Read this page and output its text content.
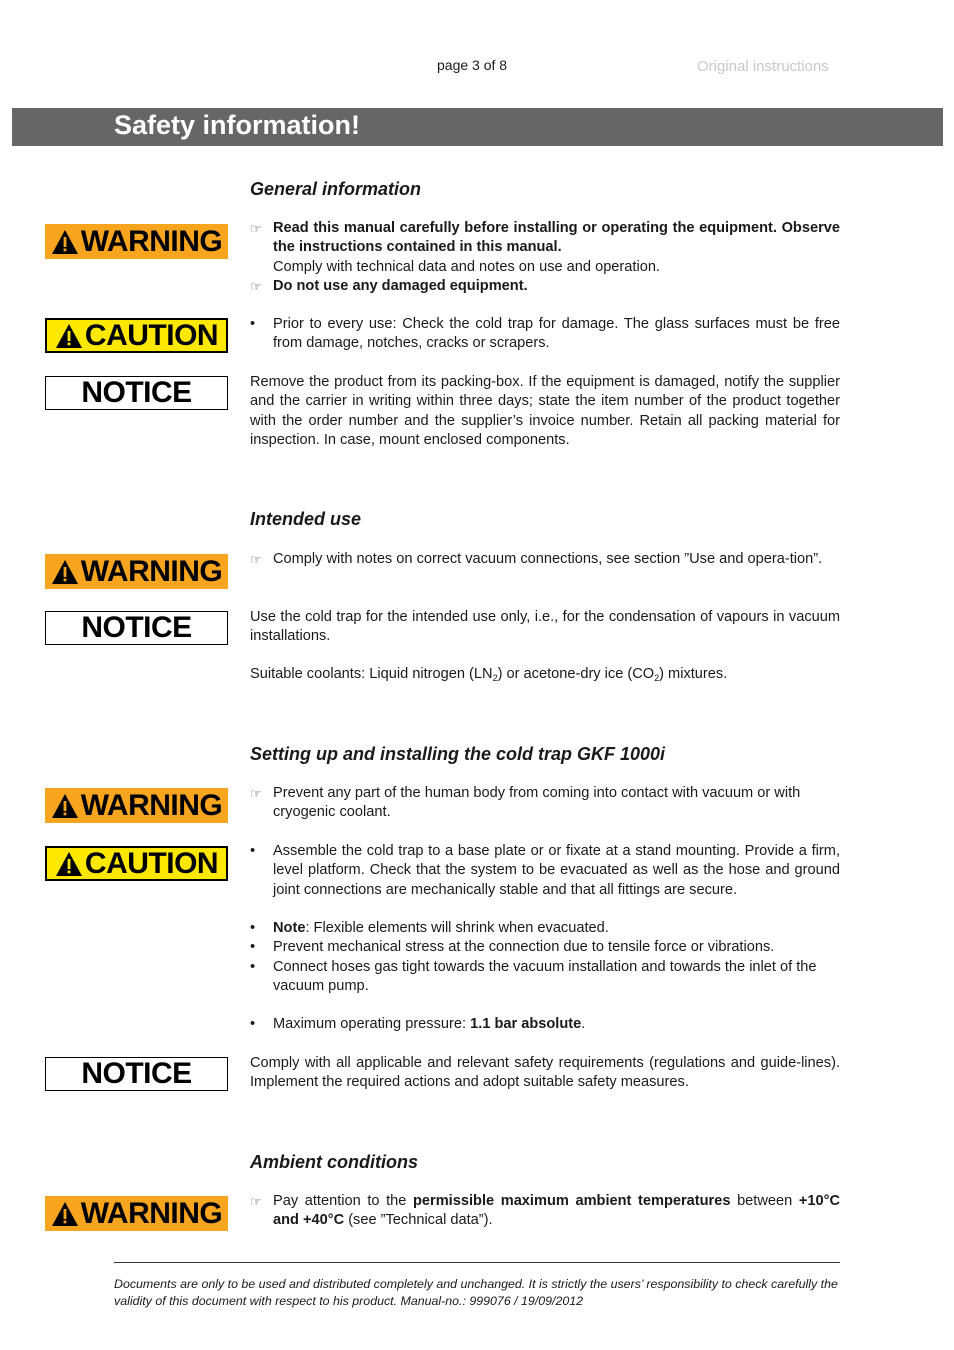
page 3 of 8	Original instructions
Safety information!
General information
WARNING ☞ Read this manual carefully before installing or operating the equipment. Observe the instructions contained in this manual.
Comply with technical data and notes on use and operation.
☞ Do not use any damaged equipment.
CAUTION • Prior to every use: Check the cold trap for damage. The glass surfaces must be free from damage, notches, cracks or scrapers.
NOTICE	Remove the product from its packing-box. If the equipment is damaged, notify the supplier and the carrier in writing within three days; state the item number of the product together with the order number and the supplier’s invoice number. Retain all packing material for inspection. In case, mount enclosed components.
Intended use
WARNING ☞ Comply with notes on correct vacuum connections, see section ”Use and opera-tion”.
NOTICE	Use the cold trap for the intended use only, i.e., for the condensation of vapours in vacuum installations.
Suitable coolants: Liquid nitrogen $(LN_2)$ or acetone-dry ice $(CO_2)$ mixtures.
Setting up and installing the cold trap GKF 1000i
WARNING ☞ Prevent any part of the human body from coming into contact with vacuum or with cryogenic coolant.
CAUTION • Assemble the cold trap to a base plate or or fixate at a stand mounting. Provide a firm, level platform. Check that the system to be evacuated as well as the hose and ground joint connections are mechanically stable and that all fittings are secure.
• Note: Flexible elements will shrink when evacuated.
• Prevent mechanical stress at the connection due to tensile force or vibrations.
• Connect hoses gas tight towards the vacuum installation and towards the inlet of the vacuum pump.
• Maximum operating pressure: 1.1 bar absolute.
NOTICE	Comply with all applicable and relevant safety requirements (regulations and guide-lines). Implement the required actions and adopt suitable safety measures.
Ambient conditions
WARNING ☞ Pay attention to the permissible maximum ambient temperatures between +10°C and +40°C (see ”Technical data”).
Documents are only to be used and distributed completely and unchanged. It is strictly the users’ responsibility to check carefully the validity of this document with respect to his product. Manual-no.: 999076 / 19/09/2012
